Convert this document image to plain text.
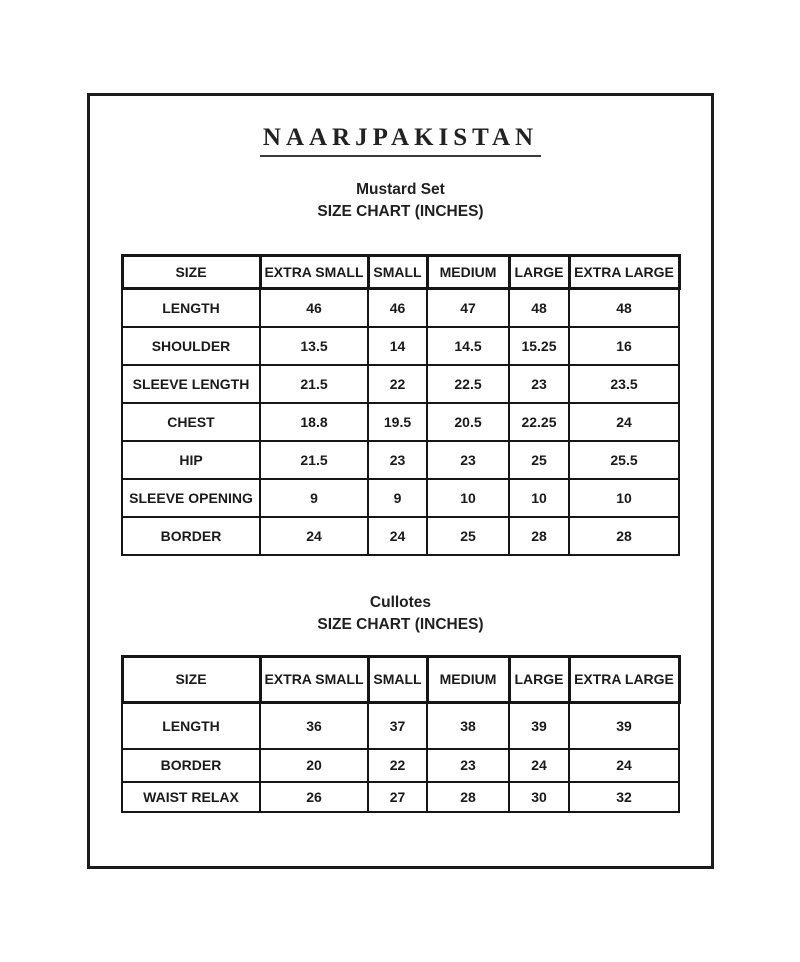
NAARJPAKISTAN
Mustard Set
SIZE CHART (INCHES)
SIZE	EXTRA SMALL	SMALL	MEDIUM	LARGE	EXTRA LARGE
LENGTH	46	46	47	48	48
SHOULDER	13.5	14	14.5	15.25	16
SLEEVE LENGTH	21.5	22	22.5	23	23.5
CHEST	18.8	19.5	20.5	22.25	24
HIP	21.5	23	23	25	25.5
SLEEVE OPENING	9	9	10	10	10
BORDER	24	24	25	28	28
Cullotes
SIZE CHART (INCHES)
SIZE	EXTRA SMALL	SMALL	MEDIUM	LARGE	EXTRA LARGE
LENGTH	36	37	38	39	39
BORDER	20	22	23	24	24
WAIST RELAX	26	27	28	30	32
